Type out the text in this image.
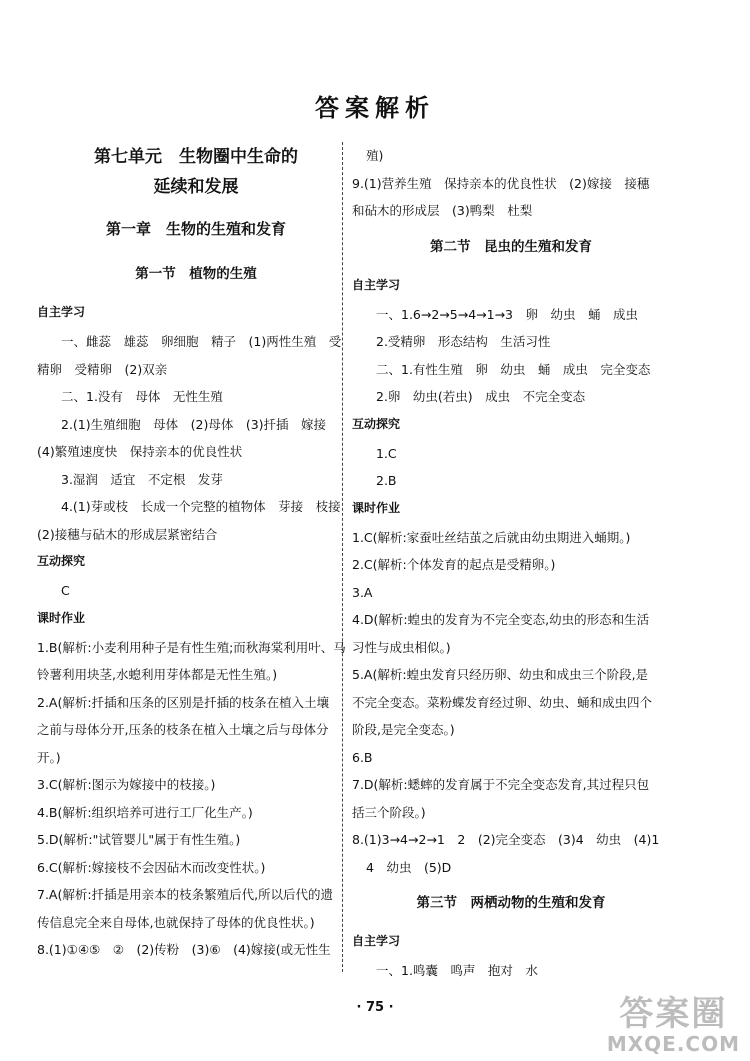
答案解析
第七单元　生物圈中生命的
延续和发展
第一章　生物的生殖和发育
第一节　植物的生殖
自主学习
一、雌蕊　雄蕊　卵细胞　精子　(1)两性生殖　受
精卵　受精卵　(2)双亲
二、1.没有　母体　无性生殖
2.(1)生殖细胞　母体　(2)母体　(3)扦插　嫁接
(4)繁殖速度快　保持亲本的优良性状
3.湿润　适宜　不定根　发芽
4.(1)芽或枝　长成一个完整的植物体　芽接　枝接
(2)接穗与砧木的形成层紧密结合
互动探究
C
课时作业
1.B(解析:小麦利用种子是有性生殖;而秋海棠利用叶、马
铃薯利用块茎,水螅利用芽体都是无性生殖。)
2.A(解析:扦插和压条的区别是扦插的枝条在植入土壤
之前与母体分开,压条的枝条在植入土壤之后与母体分
开。)
3.C(解析:图示为嫁接中的枝接。)
4.B(解析:组织培养可进行工厂化生产。)
5.D(解析:"试管婴儿"属于有性生殖。)
6.C(解析:嫁接枝不会因砧木而改变性状。)
7.A(解析:扦插是用亲本的枝条繁殖后代,所以后代的遗
传信息完全来自母体,也就保持了母体的优良性状。)
8.(1)①④⑤　②　(2)传粉　(3)⑥　(4)嫁接(或无性生
殖)
9.(1)营养生殖　保持亲本的优良性状　(2)嫁接　接穗
和砧木的形成层　(3)鸭梨　杜梨
第二节　昆虫的生殖和发育
自主学习
一、1.6→2→5→4→1→3　卵　幼虫　蛹　成虫
2.受精卵　形态结构　生活习性
二、1.有性生殖　卵　幼虫　蛹　成虫　完全变态
2.卵　幼虫(若虫)　成虫　不完全变态
互动探究
1.C
2.B
课时作业
1.C(解析:家蚕吐丝结茧之后就由幼虫期进入蛹期。)
2.C(解析:个体发育的起点是受精卵。)
3.A
4.D(解析:蝗虫的发育为不完全变态,幼虫的形态和生活
习性与成虫相似。)
5.A(解析:蝗虫发育只经历卵、幼虫和成虫三个阶段,是
不完全变态。菜粉蝶发育经过卵、幼虫、蛹和成虫四个
阶段,是完全变态。)
6.B
7.D(解析:蟋蟀的发育属于不完全变态发育,其过程只包
括三个阶段。)
8.(1)3→4→2→1　2　(2)完全变态　(3)4　幼虫　(4)1
4　幼虫　(5)D
第三节　两栖动物的生殖和发育
自主学习
一、1.鸣囊　鸣声　抱对　水
· 75 ·	答案圈
MXQE.COM
